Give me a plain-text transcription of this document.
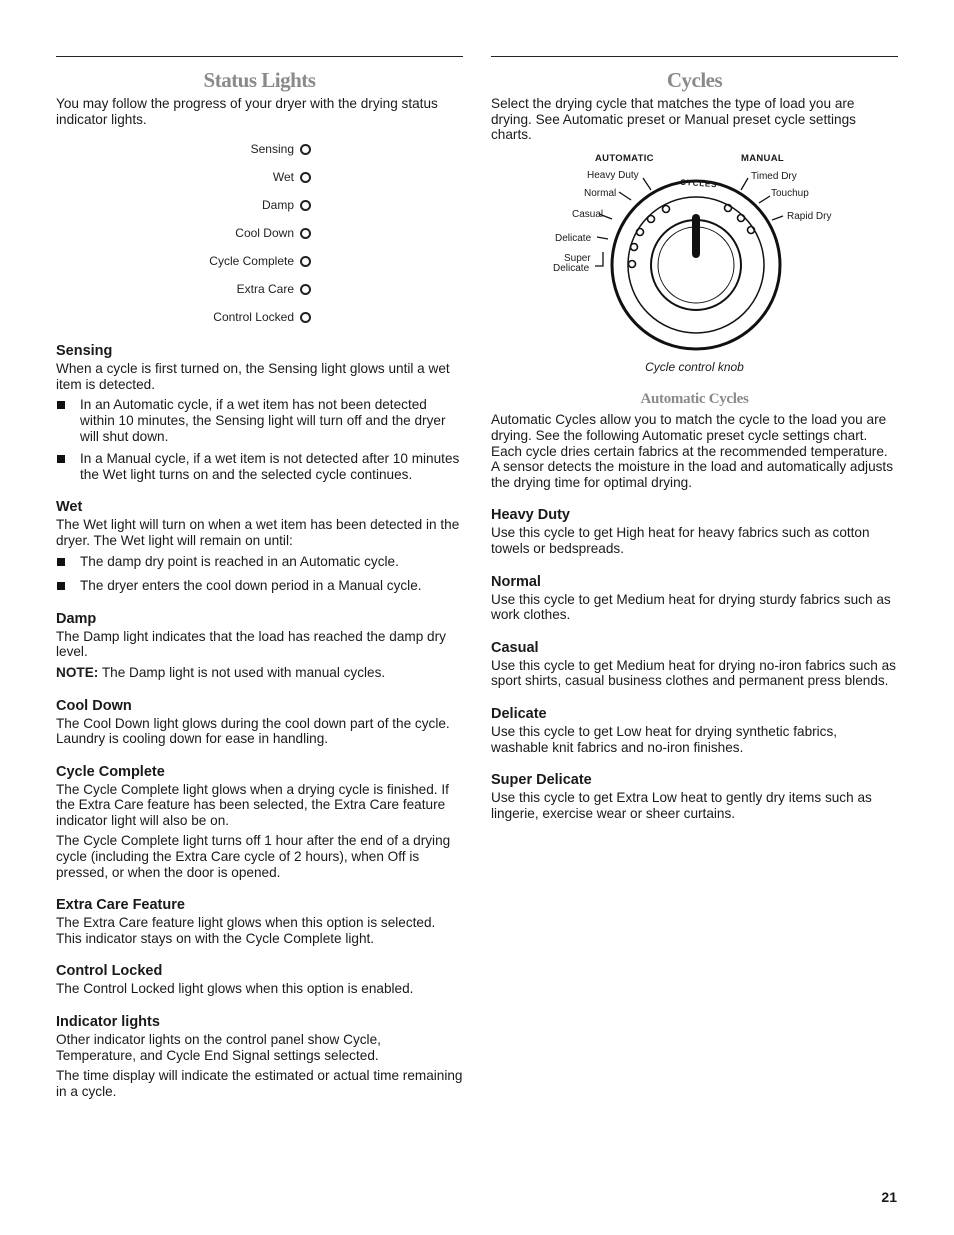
Status Lights

You may follow the progress of your dryer with the drying status indicator lights.

Sensing
Wet
Damp
Cool Down
Cycle Complete
Extra Care
Control Locked
Sensing

When a cycle is first turned on, the Sensing light glows until a wet item is detected.

In an Automatic cycle, if a wet item has not been detected within 10 minutes, the Sensing light will turn off and the dryer will shut down.
In a Manual cycle, if a wet item is not detected after 10 minutes the Wet light turns on and the selected cycle continues.
Wet

The Wet light will turn on when a wet item has been detected in the dryer. The Wet light will remain on until:

The damp dry point is reached in an Automatic cycle.
The dryer enters the cool down period in a Manual cycle.
Damp

The Damp light indicates that the load has reached the damp dry level.

NOTE: The Damp light is not used with manual cycles.

Cool Down

The Cool Down light glows during the cool down part of the cycle. Laundry is cooling down for ease in handling.

Cycle Complete

The Cycle Complete light glows when a drying cycle is finished. If the Extra Care feature has been selected, the Extra Care feature indicator light will also be on.

The Cycle Complete light turns off 1 hour after the end of a drying cycle (including the Extra Care cycle of 2 hours), when Off is pressed, or when the door is opened.

Extra Care Feature

The Extra Care feature light glows when this option is selected. This indicator stays on with the Cycle Complete light.

Control Locked

The Control Locked light glows when this option is enabled.

Indicator lights

Other indicator lights on the control panel show Cycle, Temperature, and Cycle End Signal settings selected.

The time display will indicate the estimated or actual time remaining in a cycle.

Cycles

Select the drying cycle that matches the type of load you are drying. See Automatic preset or Manual preset cycle settings charts.

AUTOMATIC	MANUAL
CYCLES
Heavy Duty
Normal
Casual
Delicate
Super
Delicate
Timed Dry
Touchup
Rapid Dry

Cycle control knob

Automatic Cycles

Automatic Cycles allow you to match the cycle to the load you are drying. See the following Automatic preset cycle settings chart. Each cycle dries certain fabrics at the recommended temperature. A sensor detects the moisture in the load and automatically adjusts the drying time for optimal drying.

Heavy Duty

Use this cycle to get High heat for heavy fabrics such as cotton towels or bedspreads.

Normal

Use this cycle to get Medium heat for drying sturdy fabrics such as work clothes.

Casual

Use this cycle to get Medium heat for drying no-iron fabrics such as sport shirts, casual business clothes and permanent press blends.

Delicate

Use this cycle to get Low heat for drying synthetic fabrics, washable knit fabrics and no-iron finishes.

Super Delicate

Use this cycle to get Extra Low heat to gently dry items such as lingerie, exercise wear or sheer curtains.

21
